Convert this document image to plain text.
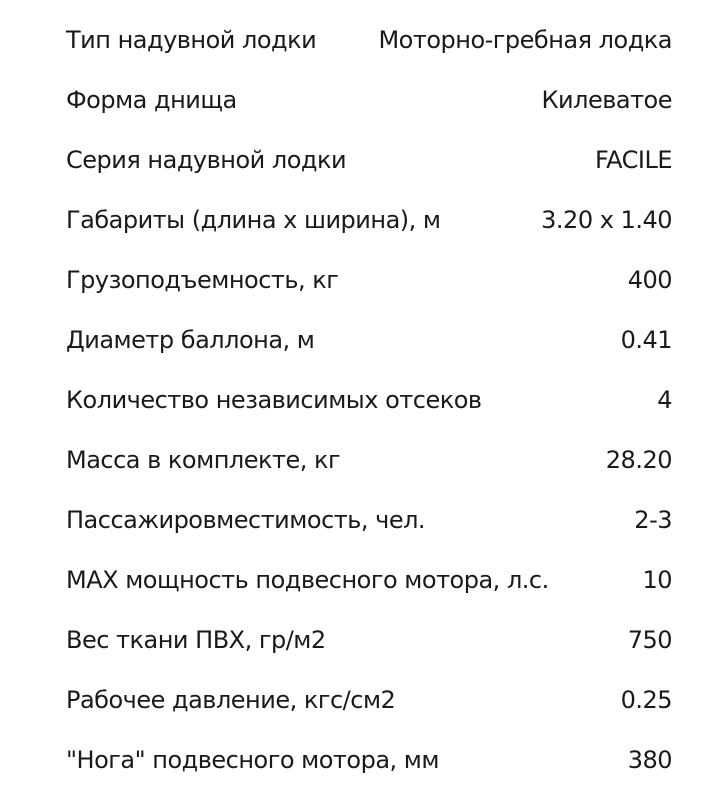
Тип надувной лодки	Моторно-гребная лодка
Форма днища	Килеватое
Серия надувной лодки	FACILE
Габариты (длина х ширина), м	3.20 x 1.40
Грузоподъемность, кг	400
Диаметр баллона, м	0.41
Количество независимых отсеков	4
Масса в комплекте, кг	28.20
Пассажировместимость, чел.	2-3
MAX мощность подвесного мотора, л.с.	10
Вес ткани ПВХ, гр/м2	750
Рабочее давление, кгс/см2	0.25
"Нога" подвесного мотора, мм	380
